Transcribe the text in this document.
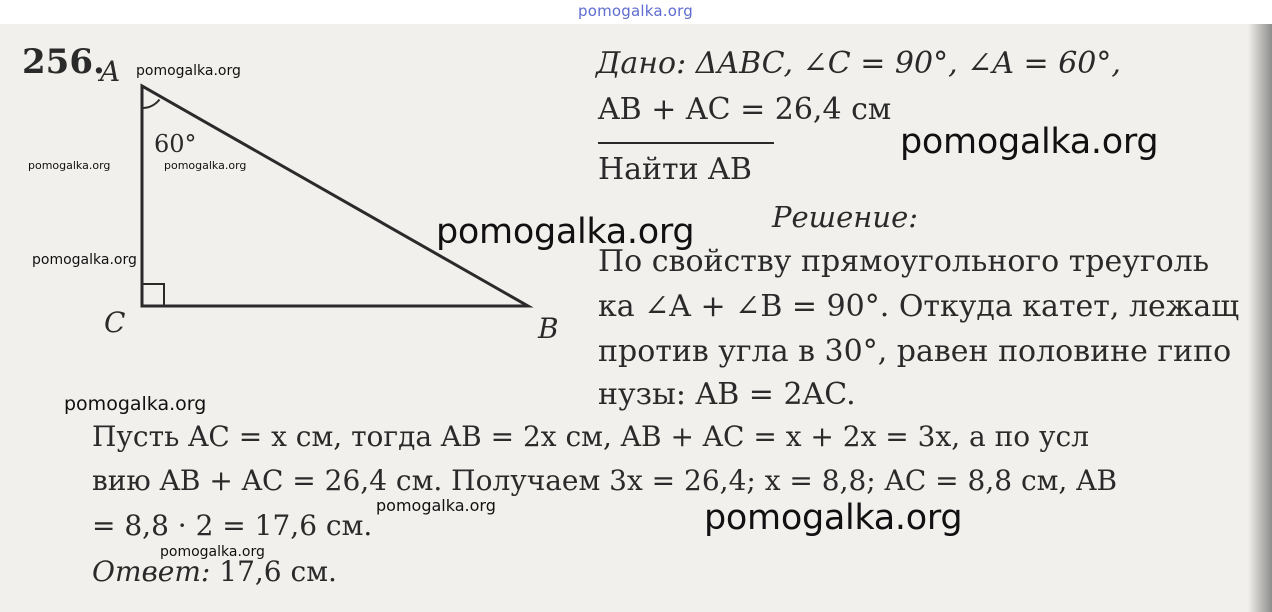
pomogalka.org
256.
A
C	B
60°
Дано: ΔABC, ∠C = 90°, ∠A = 60°,
AB + AC = 26,4 см
Найти AB
Решение:
По свойству прямоугольного треуголь
ка ∠A + ∠B = 90°. Откуда катет, лежащ
против угла в 30°, равен половине гипо
нузы: AB = 2AC.
Пусть AC = x см, тогда AB = 2x см, AB + AC = x + 2x = 3x, а по усл
вию AB + AC = 26,4 см. Получаем 3x = 26,4; x = 8,8; AC = 8,8 см, AB
= 8,8 · 2 = 17,6 см.
Ответ: 17,6 см.
pomogalka.org
pomogalka.org	pomogalka.org
pomogalka.org
pomogalka.org
pomogalka.org
pomogalka.org
pomogalka.org	pomogalka.org
pomogalka.org
